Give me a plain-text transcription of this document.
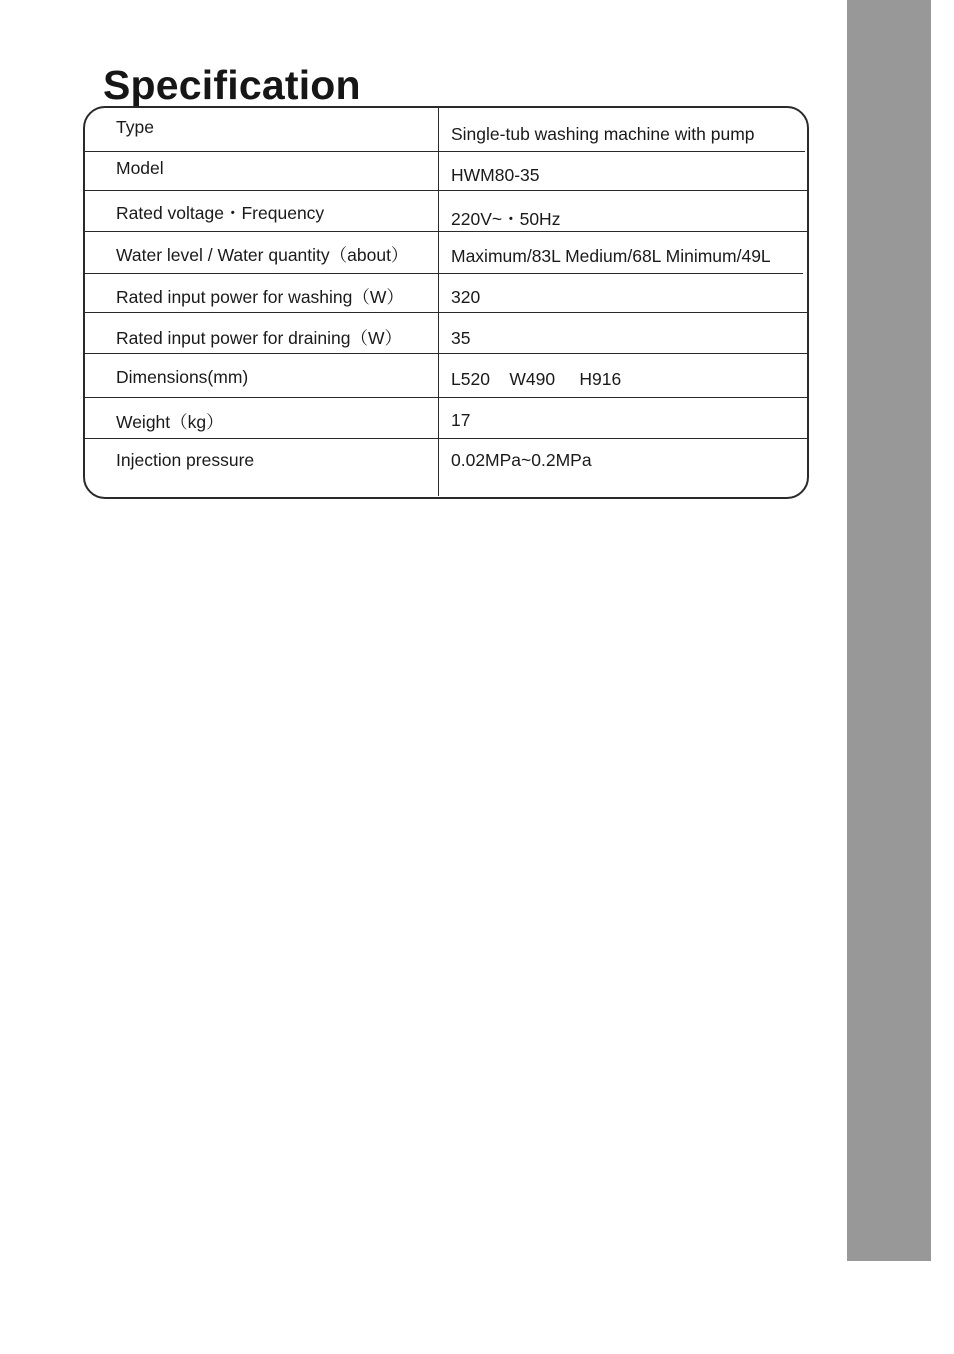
Specification
Type	Single-tub washing machine with pump
Model	HWM80-35
Rated voltage・Frequency	220V~・50Hz
Water level / Water quantity（about） Maximum/83L Medium/68L Minimum/49L
Rated input power for washing（W）	320
Rated input power for draining（W）	35
Dimensions(mm)	L520    W490     H916
Weight（kg）	17
Injection pressure	0.02MPa~0.2MPa
